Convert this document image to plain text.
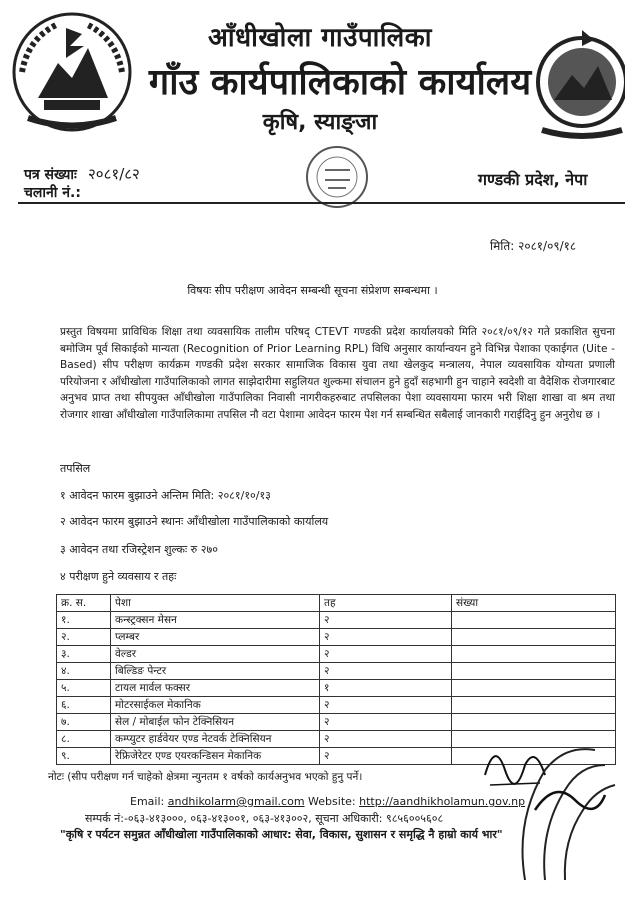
आँधीखोला गाउँपालिका
गाँउ कार्यपालिकाको कार्यालय
कृषि, स्याङ्जा
पत्र संख्याः
चलानी नं.:
२०८१/८२	गण्डकी प्रदेश, नेपा
मिति: २०८१/०९/१८
विषयः सीप परीक्षण आवेदन सम्बन्धी सूचना संप्रेशण सम्बन्धमा ।
प्रस्तुत विषयमा प्राविधिक शिक्षा तथा व्यवसायिक तालीम परिषद् CTEVT गण्डकी प्रदेश कार्यालयको मिति २०८१/०९/१२ गते प्रकाशित सुचना बमोजिम पूर्व सिकाईको मान्यता (Recognition of Prior Learning RPL) विधि अनुसार कार्यान्वयन हुने विभिन्न पेशाका एकाईगत (Uite -Based) सीप परीक्षण कार्यक्रम गण्डकी प्रदेश सरकार सामाजिक विकास युवा तथा खेलकुद मन्त्रालय, नेपाल व्यवसायिक योग्यता प्रणाली परियोजना र आँधीखोला गाउँपालिकाको लागत साझेदारीमा सहुलियत शुल्कमा संचालन हुने हुदाँ सहभागी हुन चाहाने स्वदेशी वा वैदेशिक रोजगारबाट अनुभव प्राप्त तथा सीपयुक्त आँधीखोला गाउँपालिका निवासी नागरीकहरुबाट तपसिलका पेशा व्यवसायमा फारम भरी शिक्षा शाखा वा श्रम तथा रोजगार शाखा आँधीखोला गाउँपालिकामा तपसिल नौ वटा पेशामा आवेदन फारम पेश गर्न सम्बन्धित सबैलाई जानकारी गराईदिनु हुन अनुरोध छ ।
तपसिल
१ आवेदन फारम बुझाउने अन्तिम मिति: २०८१/१०/१३
२ आवेदन फारम बुझाउने स्थानः आँधीखोला गाउँपालिकाको कार्यालय
३ आवेदन तथा रजिस्ट्रेशन शुल्कः रु २७०
४ परीक्षण हुने व्यवसाय र तहः
क्र. स.	पेशा	तह	संख्या
१.	कन्स्ट्रक्सन मेसन	२	
२.	प्लम्बर	२	
३.	वेल्डर	२	
४.	बिल्डिङ पेन्टर	२	
५.	टायल मार्वल फक्सर	१	
६.	मोटरसाईकल मेकानिक	२	
७.	सेल / मोबाईल फोन टेक्निसियन	२	
८.	कम्प्युटर हार्डवेयर एण्ड नेटवर्क टेक्निसियन	२	
९.	रेफ्रिजेरेटर एण्ड एयरकन्डिसन मेकानिक	२	
नोटः (सीप परीक्षण गर्न चाहेको क्षेत्रमा न्युनतम १ वर्षको कार्यअनुभव भएको हुनु पर्ने।
Email: andhikolarm@gmail.com Website: http://aandhikholamun.gov.np
सम्पर्क नं:-०६३-४१३०००, ०६३-४१३००१, ०६३-४१३००२, सूचना अधिकारी: ९८५६००५६०८
"कृषि र पर्यटन समुन्नत आँधीखोला गाउँपालिकाको आधार: सेवा, विकास, सुशासन र समृद्धि नै हाम्रो कार्य भार"
